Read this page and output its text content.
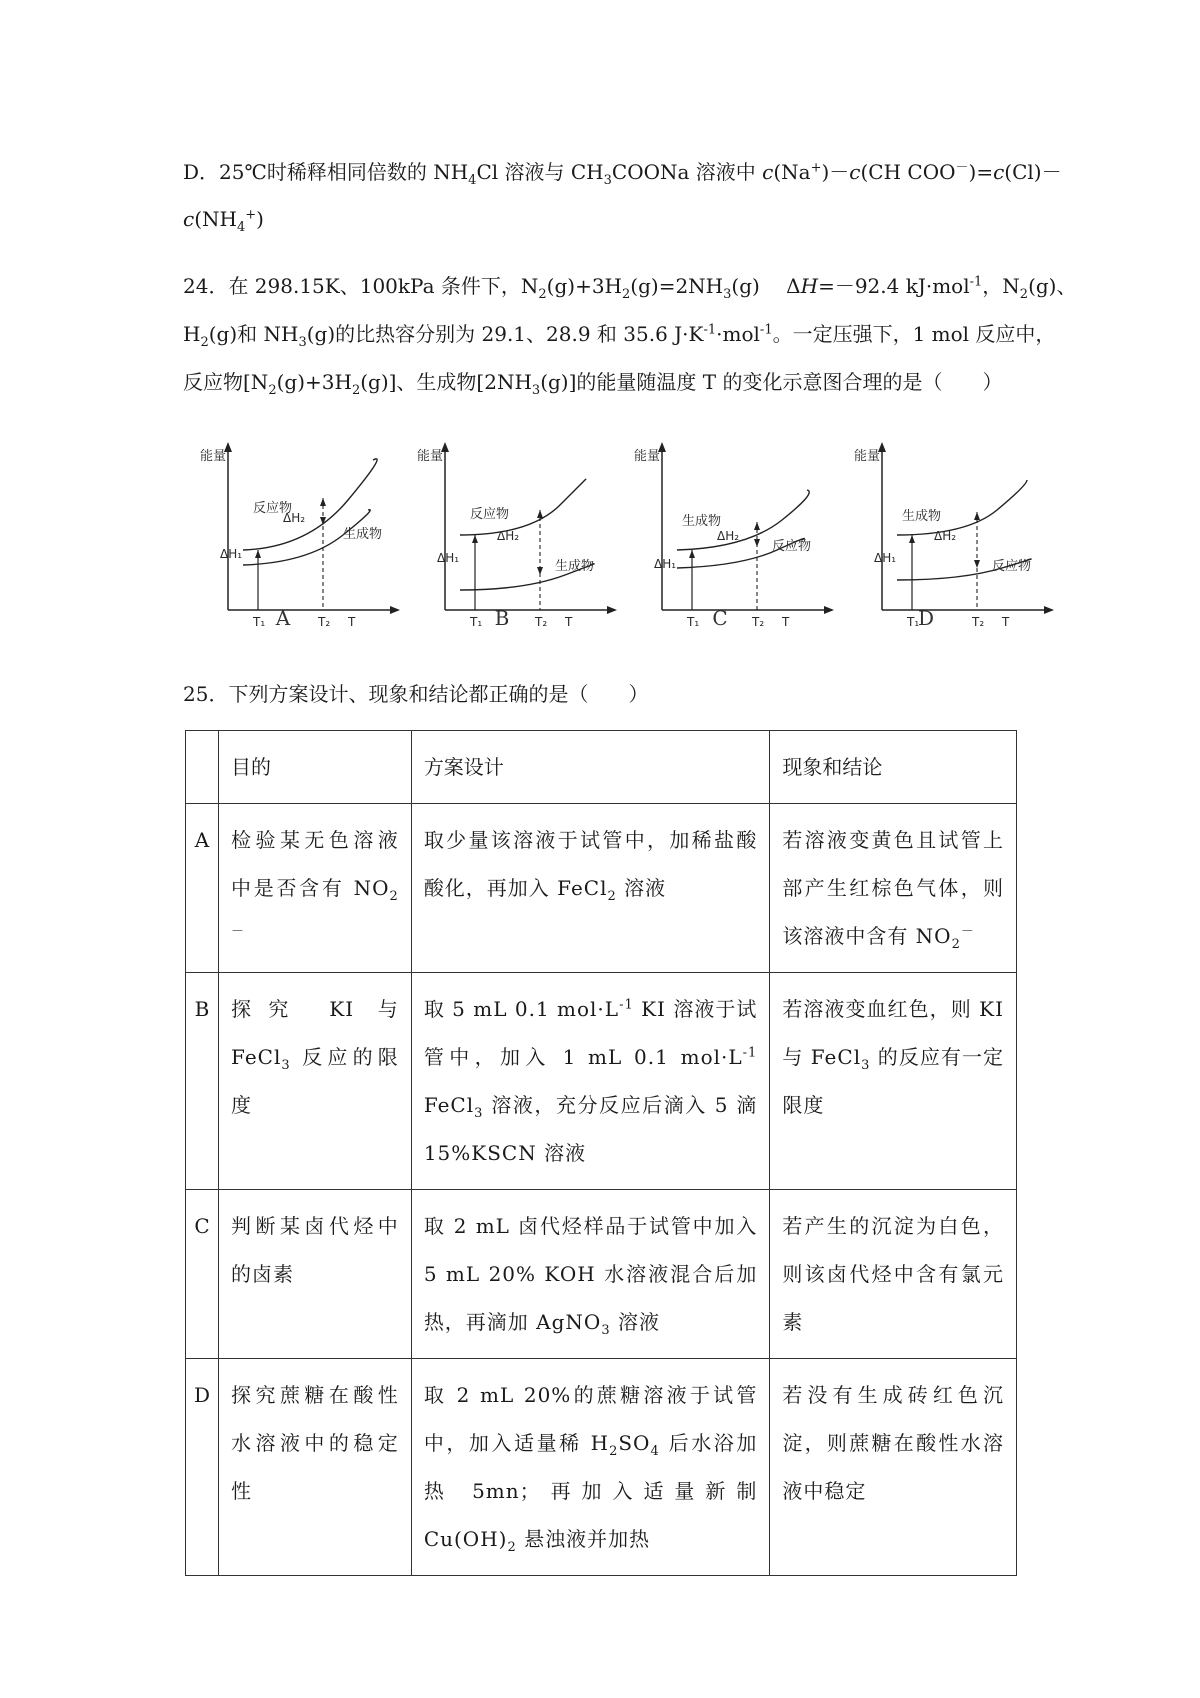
D．25℃时稀释相同倍数的 $NH_4Cl$ 溶液与 $CH_3COONa$ 溶液中 c(Na+)－c(CH COO－)=c(Cl)－
$c(NH_4^+)$
24．在 298.15K、100kPa 条件下，$N_2(g)+3H_2(g)=2NH_3(g)$　 ΔH=－92.4 kJ·mol$^{-1}$，$N_2(g)$、
$H_2(g)$和 $NH_3(g)$的比热容分别为 29.1、28.9 和 35.6 $J\cdot K^{-1}\cdot mol^{-1}$。一定压强下，1 mol 反应中，
反应物$[N_2(g)+3H_2(g)]$、生成物$[2NH_3(g)]$的能量随温度 T 的变化示意图合理的是（　　）
能量
反应物
生成物
ΔH₁
ΔH₂
T₁	T₂ T
A
能量
反应物
生成物
ΔH₁
ΔH₂
T₁	T₂ T
B
能量
生成物
反应物
ΔH₁
ΔH₂
T₁	T₂ T
C
能量
生成物
反应物
ΔH₁
ΔH₂
T₁	T₂ T
D
25．下列方案设计、现象和结论都正确的是（　　）
	目的	方案设计	现象和结论
A	检验某无色溶液中是否含有 $NO_2^-$	取少量该溶液于试管中，加稀盐酸酸化，再加入 FeCl$_2$ 溶液	若溶液变黄色且试管上部产生红棕色气体，则该溶液中含有 $NO_2^-$
B	探究 KI 与 FeCl$_3$ 反应的限度	取 5 mL 0.1 $mol\cdot L^{-1}$ KI 溶液于试管中，加入 1 mL 0.1 $mol\cdot L^{-1}$ FeCl$_3$ 溶液，充分反应后滴入 5 滴 15%KSCN 溶液	若溶液变血红色，则 KI 与 FeCl$_3$ 的反应有一定限度
C	判断某卤代烃中的卤素	取 2 mL 卤代烃样品于试管中加入 5 mL 20% KOH 水溶液混合后加热，再滴加 AgNO$_3$ 溶液	若产生的沉淀为白色，则该卤代烃中含有氯元素
D	探究蔗糖在酸性水溶液中的稳定性	取 2 mL 20%的蔗糖溶液于试管中，加入适量稀 $H_2SO_4$ 后水浴加热 5mn；再加入适量新制 $Cu(OH)_2$ 悬浊液并加热	若没有生成砖红色沉淀，则蔗糖在酸性水溶液中稳定
